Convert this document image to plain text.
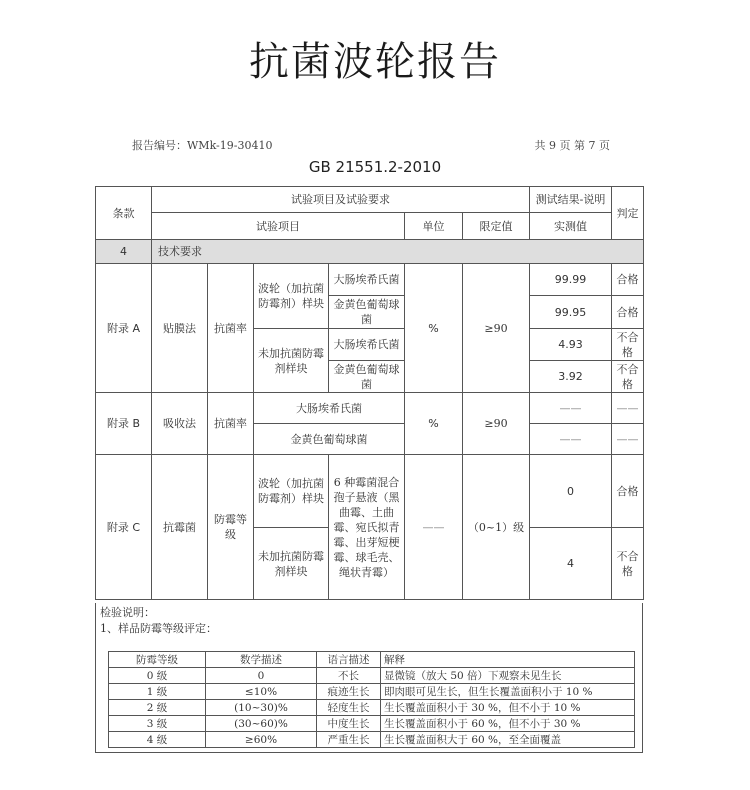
抗菌波轮报告
报告编号：WMk-19-30410	共 9 页 第 7 页
GB 21551.2-2010
条款	试验项目及试验要求						测试结果-说明	判定
	试验项目				单位	限定值	实测值	
4	技术要求							
附录 A	贴膜法	抗菌率	波轮（加抗菌防霉剂）样块	大肠埃希氏菌	%	≥90	99.99	合格
				金黄色葡萄球菌			99.95	合格
			未加抗菌防霉剂样块	大肠埃希氏菌			4.93	不合格
				金黄色葡萄球菌			3.92	不合格
附录 B	吸收法	抗菌率	大肠埃希氏菌		%	≥90	——	——
			金黄色葡萄球菌				——	——
附录 C	抗霉菌	防霉等级	波轮（加抗菌防霉剂）样块	6 种霉菌混合孢子悬液（黑曲霉、土曲霉、宛氏拟青霉、出芽短梗霉、球毛壳、绳状青霉）	——	（0~1）级	0	合格
			未加抗菌防霉剂样块				4	不合格
检验说明：
1、样品防霉等级评定：
防霉等级	数学描述	语言描述	解释
0 级	0	不长	显微镜（放大 50 倍）下观察未见生长
1 级	≤10%	痕迹生长	即肉眼可见生长，但生长覆盖面积小于 10 %
2 级	(10~30)%	轻度生长	生长覆盖面积小于 30 %，但不小于 10 %
3 级	(30~60)%	中度生长	生长覆盖面积小于 60 %，但不小于 30 %
4 级	≥60%	严重生长	生长覆盖面积大于 60 %，至全面覆盖
